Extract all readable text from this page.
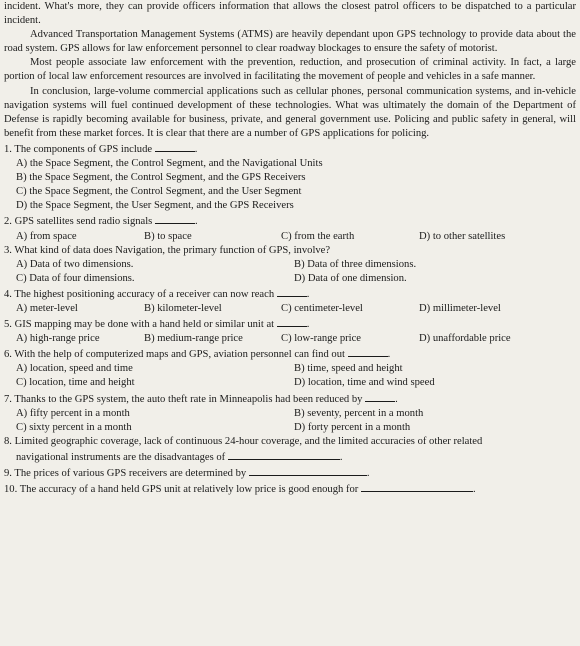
incident. What's more, they can provide officers information that allows the closest patrol officers to be dispatched to a particular incident.

Advanced Transportation Management Systems (ATMS) are heavily dependant upon GPS technology to provide data about the road system. GPS allows for law enforcement personnel to clear roadway blockages to ensure the safety of motorist.

Most people associate law enforcement with the prevention, reduction, and prosecution of criminal activity. In fact, a large portion of local law enforcement resources are involved in facilitating the movement of people and vehicles in a safe manner.

In conclusion, large-volume commercial applications such as cellular phones, personal communication systems, and in-vehicle navigation systems will fuel continued development of these technologies. What was ultimately the domain of the Department of Defense is rapidly becoming available for business, private, and general government use. Policing and public safety in general, will benefit from these market forces. It is clear that there are a number of GPS applications for policing.

1. The components of GPS include	.

A) the Space Segment, the Control Segment, and the Navigational Units

B) the Space Segment, the Control Segment, and the GPS Receivers

C) the Space Segment, the Control Segment, and the User Segment

D) the Space Segment, the User Segment, and the GPS Receivers

2. GPS satellites send radio signals	.

A) from space	B) to space	C) from the earth	D) to other satellites

3. What kind of data does Navigation, the primary function of GPS, involve?

A) Data of two dimensions.	B) Data of three dimensions.
C) Data of four dimensions.	D) Data of one dimension.

4. The highest positioning accuracy of a receiver can now reach	.

A) meter-level	B) kilometer-level	C) centimeter-level	D) millimeter-level

5. GIS mapping may be done with a hand held or similar unit at	.

A) high-range price	B) medium-range price	C) low-range price	D) unaffordable price

6. With the help of computerized maps and GPS, aviation personnel can find out	.

A) location, speed and time	B) time, speed and height
C) location, time and height	D) location, time and wind speed

7. Thanks to the GPS system, the auto theft rate in Minneapolis had been reduced by	.

A) fifty percent in a month	B) seventy, percent in a month
C) sixty percent in a month	D) forty percent in a month

8. Limited geographic coverage, lack of continuous 24-hour coverage, and the limited accuracies of other related

navigational instruments are the disadvantages of	.

9. The prices of various GPS receivers are determined by	.

10. The accuracy of a hand held GPS unit at relatively low price is good enough for	.
